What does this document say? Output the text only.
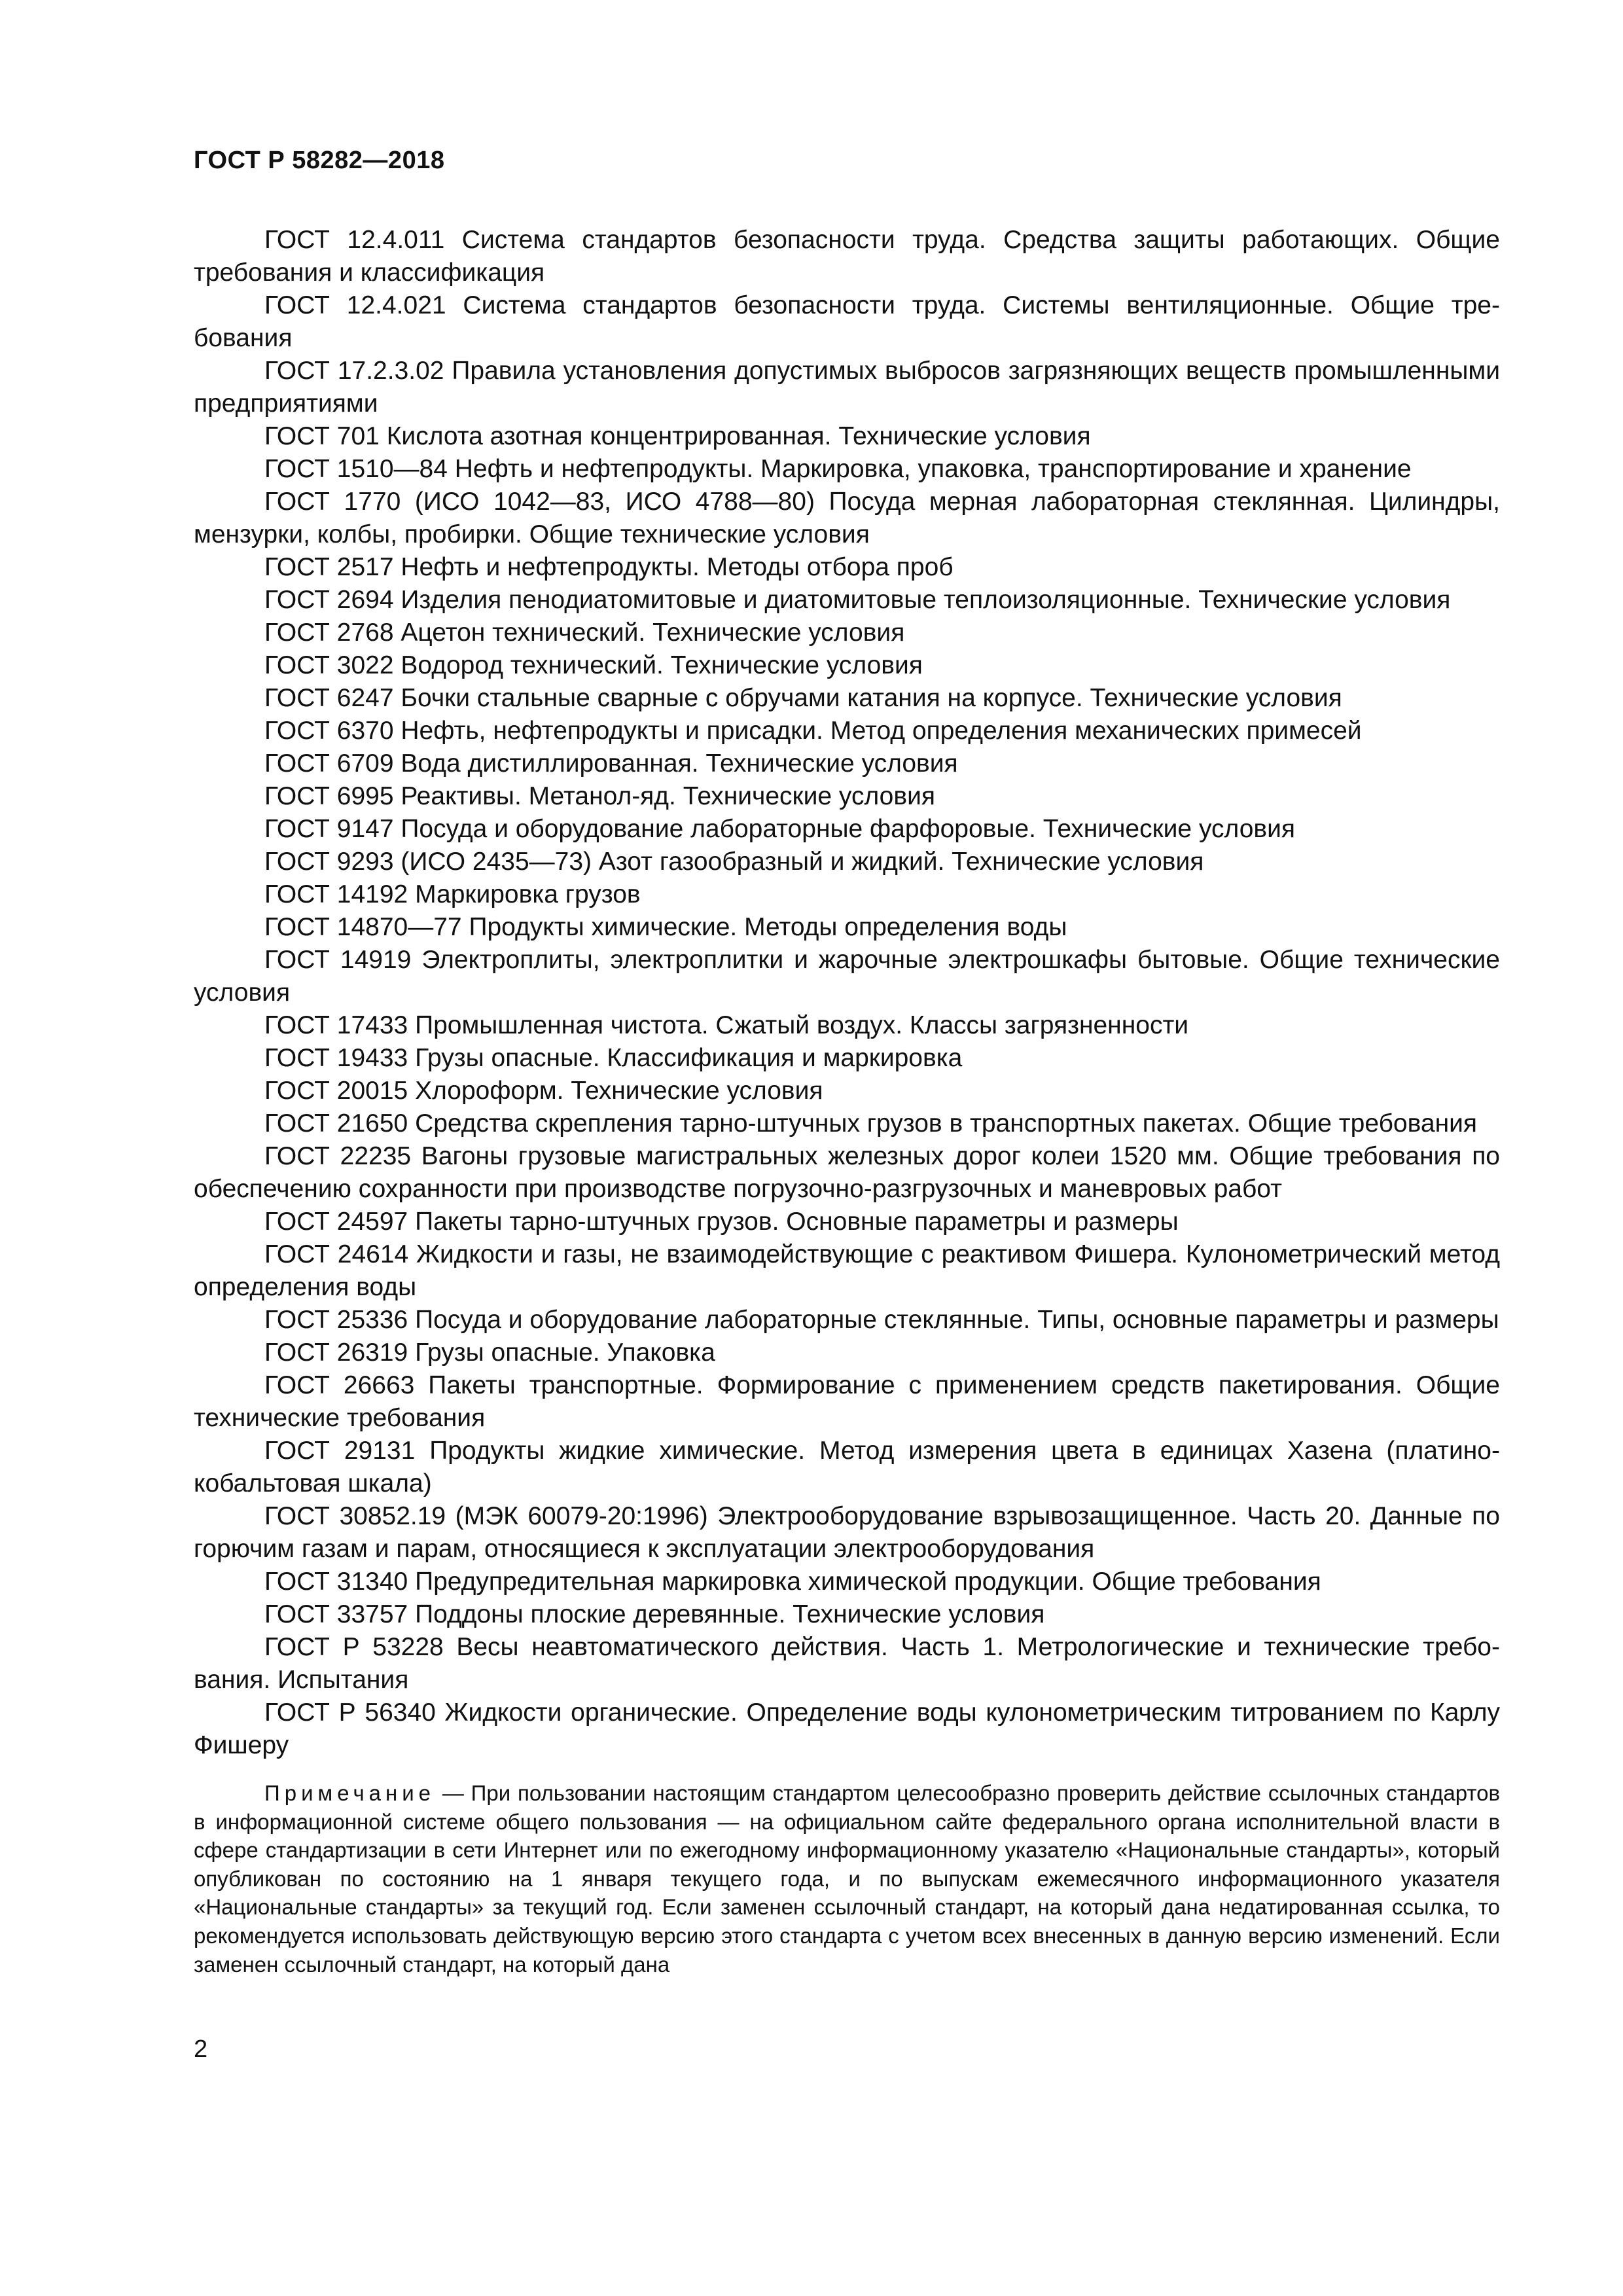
ГОСТ Р 58282—2018

ГОСТ 12.4.011 Система стандартов безопасности труда. Средства защиты работающих. Общие требования и классификация

ГОСТ 12.4.021 Система стандартов безопасности труда. Системы вентиляционные. Общие требования

ГОСТ 17.2.3.02 Правила установления допустимых выбросов загрязняющих веществ промышленными предприятиями

ГОСТ 701 Кислота азотная концентрированная. Технические условия

ГОСТ 1510—84 Нефть и нефтепродукты. Маркировка, упаковка, транспортирование и хранение

ГОСТ 1770 (ИСО 1042—83, ИСО 4788—80) Посуда мерная лабораторная стеклянная. Цилиндры, мензурки, колбы, пробирки. Общие технические условия

ГОСТ 2517 Нефть и нефтепродукты. Методы отбора проб

ГОСТ 2694 Изделия пенодиатомитовые и диатомитовые теплоизоляционные. Технические условия

ГОСТ 2768 Ацетон технический. Технические условия

ГОСТ 3022 Водород технический. Технические условия

ГОСТ 6247 Бочки стальные сварные с обручами катания на корпусе. Технические условия

ГОСТ 6370 Нефть, нефтепродукты и присадки. Метод определения механических примесей

ГОСТ 6709 Вода дистиллированная. Технические условия

ГОСТ 6995 Реактивы. Метанол-яд. Технические условия

ГОСТ 9147 Посуда и оборудование лабораторные фарфоровые. Технические условия

ГОСТ 9293 (ИСО 2435—73) Азот газообразный и жидкий. Технические условия

ГОСТ 14192 Маркировка грузов

ГОСТ 14870—77 Продукты химические. Методы определения воды

ГОСТ 14919 Электроплиты, электроплитки и жарочные электрошкафы бытовые. Общие технические условия

ГОСТ 17433 Промышленная чистота. Сжатый воздух. Классы загрязненности

ГОСТ 19433 Грузы опасные. Классификация и маркировка

ГОСТ 20015 Хлороформ. Технические условия

ГОСТ 21650 Средства скрепления тарно-штучных грузов в транспортных пакетах. Общие требования

ГОСТ 22235 Вагоны грузовые магистральных железных дорог колеи 1520 мм. Общие требования по обеспечению сохранности при производстве погрузочно-разгрузочных и маневровых работ

ГОСТ 24597 Пакеты тарно-штучных грузов. Основные параметры и размеры

ГОСТ 24614 Жидкости и газы, не взаимодействующие с реактивом Фишера. Кулонометрический метод определения воды

ГОСТ 25336 Посуда и оборудование лабораторные стеклянные. Типы, основные параметры и размеры

ГОСТ 26319 Грузы опасные. Упаковка

ГОСТ 26663 Пакеты транспортные. Формирование с применением средств пакетирования. Общие технические требования

ГОСТ 29131 Продукты жидкие химические. Метод измерения цвета в единицах Хазена (платинокобальтовая шкала)

ГОСТ 30852.19 (МЭК 60079-20:1996) Электрооборудование взрывозащищенное. Часть 20. Данные по горючим газам и парам, относящиеся к эксплуатации электрооборудования

ГОСТ 31340 Предупредительная маркировка химической продукции. Общие требования

ГОСТ 33757 Поддоны плоские деревянные. Технические условия

ГОСТ Р 53228 Весы неавтоматического действия. Часть 1. Метрологические и технические требования. Испытания

ГОСТ Р 56340 Жидкости органические. Определение воды кулонометрическим титрованием по Карлу Фишеру

Примечание — При пользовании настоящим стандартом целесообразно проверить действие ссылочных стандартов в информационной системе общего пользования — на официальном сайте федерального органа исполнительной власти в сфере стандартизации в сети Интернет или по ежегодному информационному указателю «Национальные стандарты», который опубликован по состоянию на 1 января текущего года, и по выпускам ежемесячного информационного указателя «Национальные стандарты» за текущий год. Если заменен ссылочный стандарт, на который дана недатированная ссылка, то рекомендуется использовать действующую версию этого стандарта с учетом всех внесенных в данную версию изменений. Если заменен ссылочный стандарт, на который дана
2
